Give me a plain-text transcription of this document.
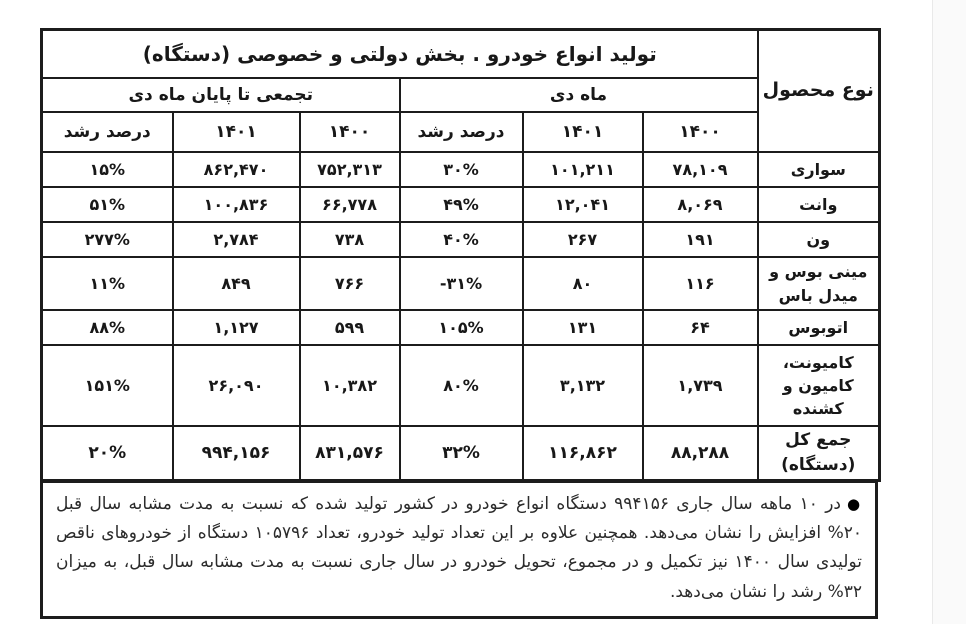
نوع محصول	تولید انواع خودرو . بخش دولتی و خصوصی (دستگاه)					
	ماه دی			تجمعی تا پایان ماه دی		
	۱۴۰۰	۱۴۰۱	درصد رشد	۱۴۰۰	۱۴۰۱	درصد رشد
سواری	۷۸,۱۰۹	۱۰۱,۲۱۱	۳۰%	۷۵۲,۳۱۳	۸۶۲,۴۷۰	۱۵%
وانت	۸,۰۶۹	۱۲,۰۴۱	۴۹%	۶۶,۷۷۸	۱۰۰,۸۳۶	۵۱%
ون	۱۹۱	۲۶۷	۴۰%	۷۳۸	۲,۷۸۴	۲۷۷%
مینی بوس و میدل باس	۱۱۶	۸۰	-۳۱%	۷۶۶	۸۴۹	۱۱%
اتوبوس	۶۴	۱۳۱	۱۰۵%	۵۹۹	۱,۱۲۷	۸۸%
کامیونت، کامیون و کشنده	۱,۷۳۹	۳,۱۳۲	۸۰%	۱۰,۳۸۲	۲۶,۰۹۰	۱۵۱%
جمع کل (دستگاه)	۸۸,۲۸۸	۱۱۶,۸۶۲	۳۲%	۸۳۱,۵۷۶	۹۹۴,۱۵۶	۲۰%
●در ۱۰ ماهه سال جاری ۹۹۴۱۵۶ دستگاه انواع خودرو در کشور تولید شده که نسبت به مدت مشابه سال قبل ۲۰% افزایش را نشان می‌دهد. همچنین علاوه بر این تعداد تولید خودرو، تعداد ۱۰۵۷۹۶ دستگاه از خودروهای ناقص تولیدی سال ۱۴۰۰ نیز تکمیل و در مجموع، تحویل خودرو در سال جاری نسبت به مدت مشابه سال قبل، به میزان ۳۲% رشد را نشان می‌دهد.
